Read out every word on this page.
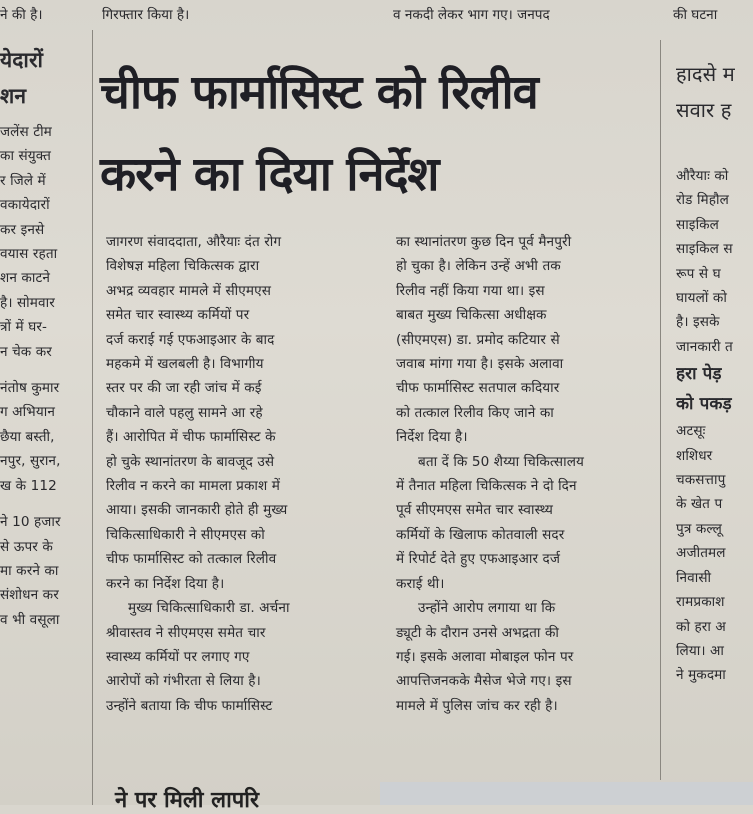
ने की है।	गिरफ्तार किया है।	व नकदी लेकर भाग गए। जनपद	की घटना
चीफ फार्मासिस्ट को रिलीव
करने का दिया निर्देश
येदारों
शन
जलेंस टीम
का संयुक्त
र जिले में
वकायेदारों
कर इनसे
वयास रहता
शन काटने
है। सोमवार
त्रों में घर-
न चेक कर
नंतोष कुमार
ग अभियान
छैया बस्ती,
नपुर, सुरान,
ख के 112
ने 10 हजार
से ऊपर के
मा करने का
संशोधन कर
व भी वसूला
जागरण संवाददाता, औरैयाः दंत रोग
विशेषज्ञ महिला चिकित्सक द्वारा
अभद्र व्यवहार मामले में सीएमएस
समेत चार स्वास्थ्य कर्मियों पर
दर्ज कराई गई एफआइआर के बाद
महकमे में खलबली है। विभागीय
स्तर पर की जा रही जांच में कई
चौकाने वाले पहलु सामने आ रहे
हैं। आरोपित में चीफ फार्मासिस्ट के
हो चुके स्थानांतरण के बावजूद उसे
रिलीव न करने का मामला प्रकाश में
आया। इसकी जानकारी होते ही मुख्य
चिकित्साधिकारी ने सीएमएस को
चीफ फार्मासिस्ट को तत्काल रिलीव
करने का निर्देश दिया है।
मुख्य चिकित्साधिकारी डा. अर्चना
श्रीवास्तव ने सीएमएस समेत चार
स्वास्थ्य कर्मियों पर लगाए गए
आरोपों को गंभीरता से लिया है।
उन्होंने बताया कि चीफ फार्मासिस्ट
का स्थानांतरण कुछ दिन पूर्व मैनपुरी
हो चुका है। लेकिन उन्हें अभी तक
रिलीव नहीं किया गया था। इस
बाबत मुख्य चिकित्सा अधीक्षक
(सीएमएस) डा. प्रमोद कटियार से
जवाब मांगा गया है। इसके अलावा
चीफ फार्मासिस्ट सतपाल कदियार
को तत्काल रिलीव किए जाने का
निर्देश दिया है।
बता दें कि 50 शैय्या चिकित्सालय
में तैनात महिला चिकित्सक ने दो दिन
पूर्व सीएमएस समेत चार स्वास्थ्य
कर्मियों के खिलाफ कोतवाली सदर
में रिपोर्ट देते हुए एफआइआर दर्ज
कराई थी।
उन्होंने आरोप लगाया था कि
ड्यूटी के दौरान उनसे अभद्रता की
गई। इसके अलावा मोबाइल फोन पर
आपत्तिजनकके मैसेज भेजे गए। इस
मामले में पुलिस जांच कर रही है।
हादसे म
सवार ह
औरैयाः को
रोड मिहौल
साइकिल
साइकिल स
रूप से घ
घायलों को
है। इसके
जानकारी त
हरा पेड़
को पकड़
अटसूः
शशिधर
चकसत्तापु
के खेत प
पुत्र कल्लू
अजीतमल
निवासी
रामप्रकाश
को हरा अ
लिया। आ
ने मुकदमा
ने पर मिली लापरि
